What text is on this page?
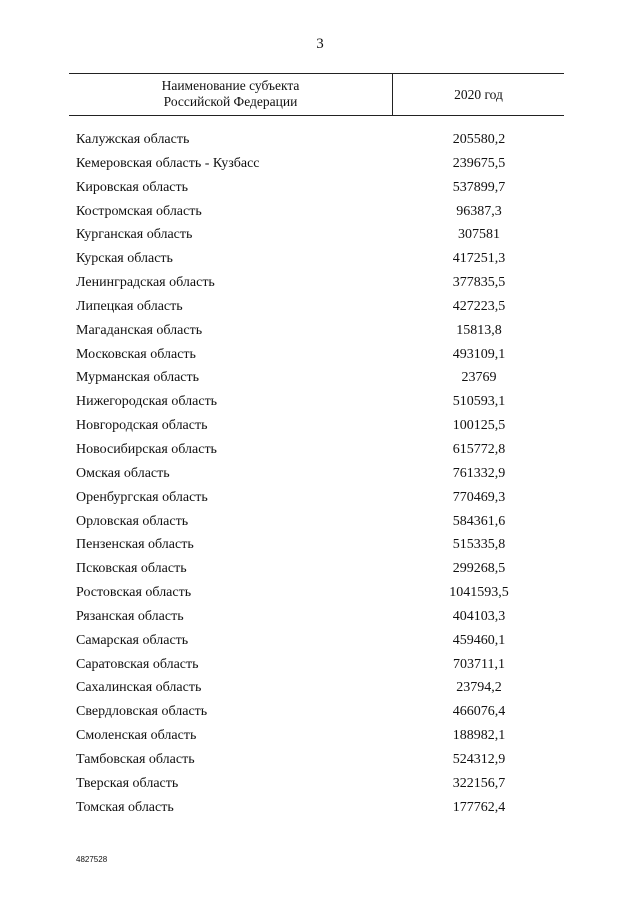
3
Наименование субъекта
Российской Федерации	2020 год
Калужская область	205580,2
Кемеровская область - Кузбасс	239675,5
Кировская область	537899,7
Костромская область	96387,3
Курганская область	307581
Курская область	417251,3
Ленинградская область	377835,5
Липецкая область	427223,5
Магаданская область	15813,8
Московская область	493109,1
Мурманская область	23769
Нижегородская область	510593,1
Новгородская область	100125,5
Новосибирская область	615772,8
Омская область	761332,9
Оренбургская область	770469,3
Орловская область	584361,6
Пензенская область	515335,8
Псковская область	299268,5
Ростовская область	1041593,5
Рязанская область	404103,3
Самарская область	459460,1
Саратовская область	703711,1
Сахалинская область	23794,2
Свердловская область	466076,4
Смоленская область	188982,1
Тамбовская область	524312,9
Тверская область	322156,7
Томская область	177762,4
4827528
